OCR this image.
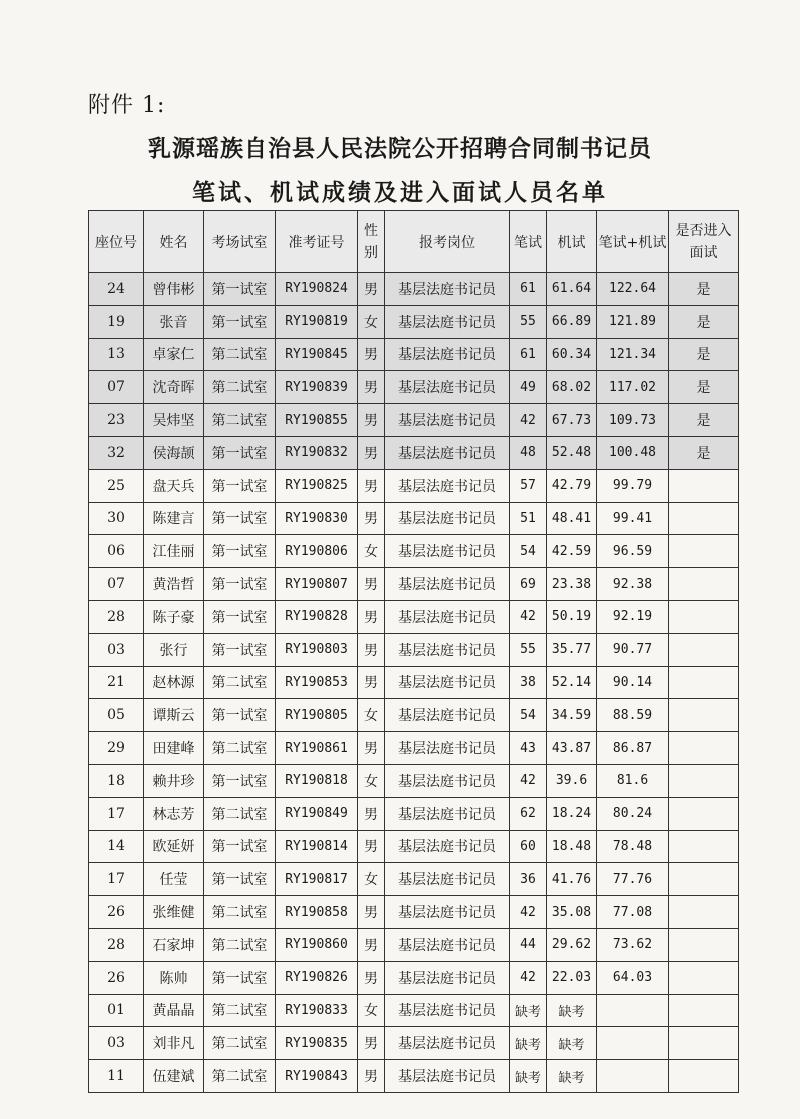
附件 1:
乳源瑶族自治县人民法院公开招聘合同制书记员
笔试、机试成绩及进入面试人员名单
座位号	姓名	考场试室	准考证号	性别	报考岗位	笔试	机试	笔试+机试	是否进入面试
24	曾伟彬	第一试室	RY190824	男	基层法庭书记员	61	61.64	122.64	是
19	张音	第一试室	RY190819	女	基层法庭书记员	55	66.89	121.89	是
13	卓家仁	第二试室	RY190845	男	基层法庭书记员	61	60.34	121.34	是
07	沈奇晖	第二试室	RY190839	男	基层法庭书记员	49	68.02	117.02	是
23	吴炜坚	第二试室	RY190855	男	基层法庭书记员	42	67.73	109.73	是
32	侯海颉	第一试室	RY190832	男	基层法庭书记员	48	52.48	100.48	是
25	盘天兵	第一试室	RY190825	男	基层法庭书记员	57	42.79	99.79	
30	陈建言	第一试室	RY190830	男	基层法庭书记员	51	48.41	99.41	
06	江佳丽	第一试室	RY190806	女	基层法庭书记员	54	42.59	96.59	
07	黄浩哲	第一试室	RY190807	男	基层法庭书记员	69	23.38	92.38	
28	陈子豪	第一试室	RY190828	男	基层法庭书记员	42	50.19	92.19	
03	张行	第一试室	RY190803	男	基层法庭书记员	55	35.77	90.77	
21	赵林源	第二试室	RY190853	男	基层法庭书记员	38	52.14	90.14	
05	谭斯云	第一试室	RY190805	女	基层法庭书记员	54	34.59	88.59	
29	田建峰	第二试室	RY190861	男	基层法庭书记员	43	43.87	86.87	
18	赖井珍	第一试室	RY190818	女	基层法庭书记员	42	39.6	81.6	
17	林志芳	第二试室	RY190849	男	基层法庭书记员	62	18.24	80.24	
14	欧延妍	第一试室	RY190814	男	基层法庭书记员	60	18.48	78.48	
17	任莹	第一试室	RY190817	女	基层法庭书记员	36	41.76	77.76	
26	张维健	第二试室	RY190858	男	基层法庭书记员	42	35.08	77.08	
28	石家坤	第二试室	RY190860	男	基层法庭书记员	44	29.62	73.62	
26	陈帅	第一试室	RY190826	男	基层法庭书记员	42	22.03	64.03	
01	黄晶晶	第二试室	RY190833	女	基层法庭书记员	缺考	缺考		
03	刘非凡	第二试室	RY190835	男	基层法庭书记员	缺考	缺考		
11	伍建斌	第二试室	RY190843	男	基层法庭书记员	缺考	缺考		
